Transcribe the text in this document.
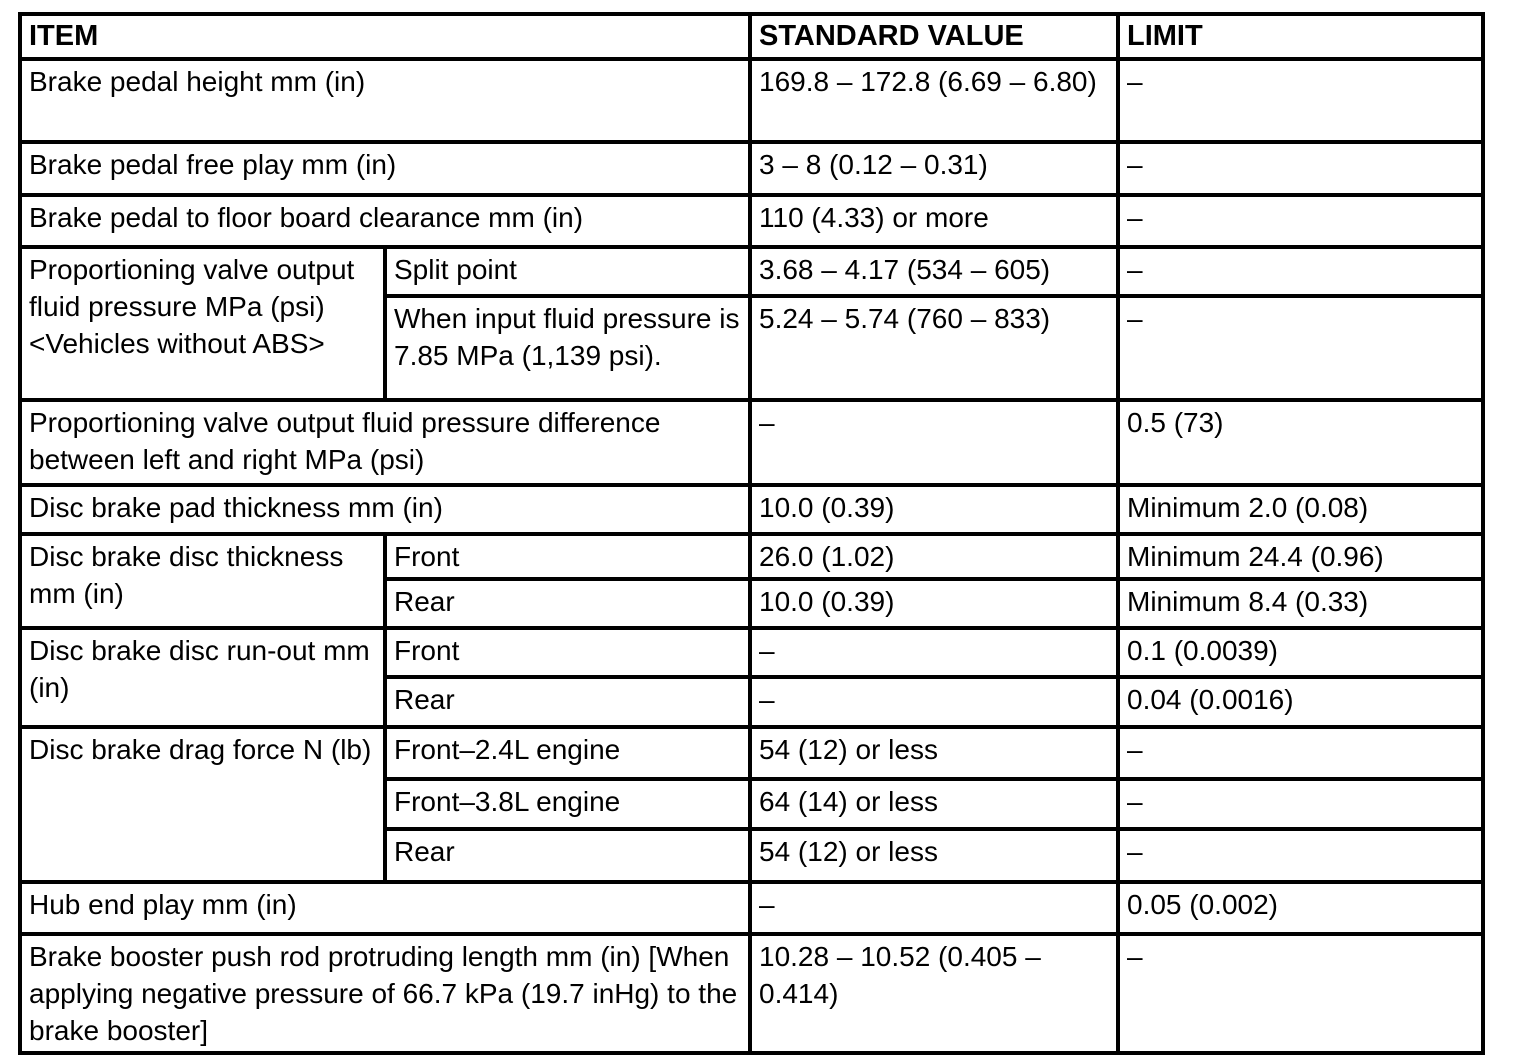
ITEM		STANDARD VALUE	LIMIT
Brake pedal height mm (in)		169.8 – 172.8 (6.69 – 6.80)	–
Brake pedal free play mm (in)		3 – 8 (0.12 – 0.31)	–
Brake pedal to floor board clearance mm (in)		110 (4.33) or more	–
Proportioning valve output fluid pressure MPa (psi) <Vehicles without ABS>	Split point	3.68 – 4.17 (534 – 605)	–
	When input fluid pressure is 7.85 MPa (1,139 psi).	5.24 – 5.74 (760 – 833)	–
Proportioning valve output fluid pressure difference between left and right MPa (psi)		–	0.5 (73)
Disc brake pad thickness mm (in)		10.0 (0.39)	Minimum 2.0 (0.08)
Disc brake disc thickness mm (in)	Front	26.0 (1.02)	Minimum 24.4 (0.96)
	Rear	10.0 (0.39)	Minimum 8.4 (0.33)
Disc brake disc run-out mm (in)	Front	–	0.1 (0.0039)
	Rear	–	0.04 (0.0016)
Disc brake drag force N (lb)	Front–2.4L engine	54 (12) or less	–
	Front–3.8L engine	64 (14) or less	–
	Rear	54 (12) or less	–
Hub end play mm (in)		–	0.05 (0.002)
Brake booster push rod protruding length mm (in) [When applying negative pressure of 66.7 kPa (19.7 inHg) to the brake booster]		10.28 – 10.52 (0.405 – 0.414)	–
